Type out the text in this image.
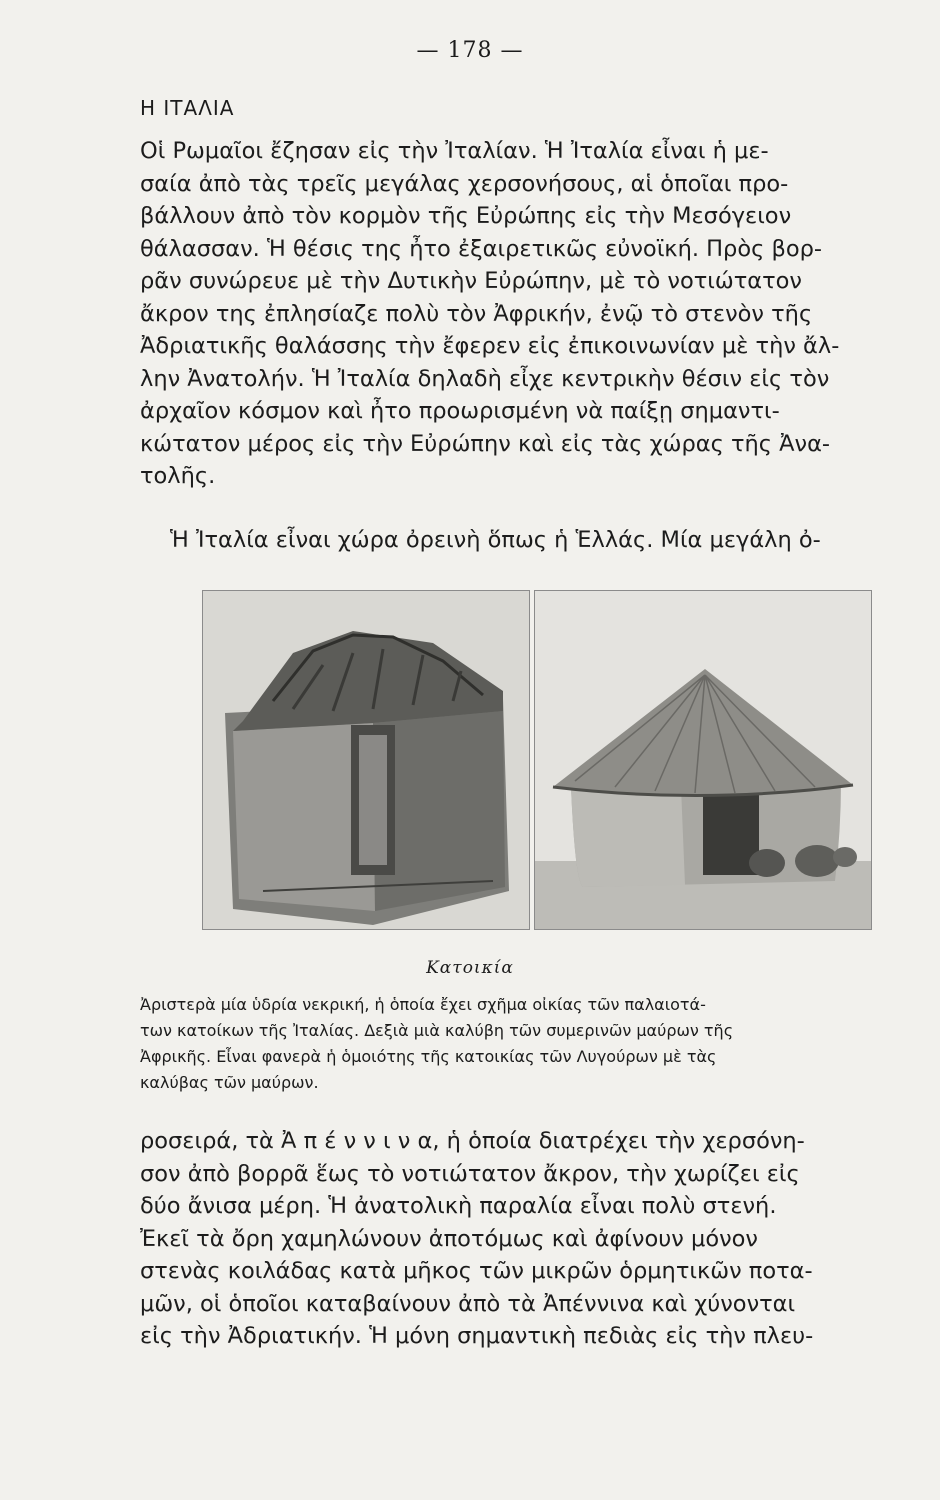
— 178 —
Η ΙΤΑΛΙΑ

Οἱ Ρωμαῖοι ἔζησαν εἰς τὴν Ἰταλίαν. Ἡ Ἰταλία εἶναι ἡ με-
σαία ἀπὸ τὰς τρεῖς μεγάλας χερσονήσους, αἱ ὁποῖαι προ-
βάλλουν ἀπὸ τὸν κορμὸν τῆς Εὐρώπης εἰς τὴν Μεσόγειον
θάλασσαν. Ἡ θέσις της ἦτο ἐξαιρετικῶς εὐνοϊκή. Πρὸς βορ-
ρᾶν συνώρευε μὲ τὴν Δυτικὴν Εὐρώπην, μὲ τὸ νοτιώτατον
ἄκρον της ἐπλησίαζε πολὺ τὸν Ἀφρικήν, ἐνῷ τὸ στενὸν τῆς
Ἀδριατικῆς θαλάσσης τὴν ἔφερεν εἰς ἐπικοινωνίαν μὲ τὴν ἄλ-
λην Ἀνατολήν. Ἡ Ἰταλία δηλαδὴ εἶχε κεντρικὴν θέσιν εἰς τὸν
ἀρχαῖον κόσμον καὶ ἦτο προωρισμένη νὰ παίξῃ σημαντι-
κώτατον μέρος εἰς τὴν Εὐρώπην καὶ εἰς τὰς χώρας τῆς Ἀνα-
τολῆς.

Ἡ Ἰταλία εἶναι χώρα ὀρεινὴ ὅπως ἡ Ἑλλάς. Μία μεγάλη ὀ-

Κατοικία

Ἀριστερὰ μία ὑδρία νεκρική, ἡ ὁποία ἔχει σχῆμα οἰκίας τῶν παλαιοτά-
των κατοίκων τῆς Ἰταλίας. Δεξιὰ μιὰ καλύβη τῶν συμερινῶν μαύρων τῆς
Ἀφρικῆς. Εἶναι φανερὰ ἡ ὁμοιότης τῆς κατοικίας τῶν Λυγούρων μὲ τὰς
καλύβας τῶν μαύρων.

ροσειρά, τὰ Ἀ π έ ν ν ι ν α, ἡ ὁποία διατρέχει τὴν χερσόνη-
σον ἀπὸ βορρᾶ ἕως τὸ νοτιώτατον ἄκρον, τὴν χωρίζει εἰς
δύο ἄνισα μέρη. Ἡ ἀνατολικὴ παραλία εἶναι πολὺ στενή.
Ἐκεῖ τὰ ὄρη χαμηλώνουν ἀποτόμως καὶ ἀφίνουν μόνον
στενὰς κοιλάδας κατὰ μῆκος τῶν μικρῶν ὁρμητικῶν ποτα-
μῶν, οἱ ὁποῖοι καταβαίνουν ἀπὸ τὰ Ἀπέννινα καὶ χύνονται
εἰς τὴν Ἀδριατικήν. Ἡ μόνη σημαντικὴ πεδιὰς εἰς τὴν πλευ-
